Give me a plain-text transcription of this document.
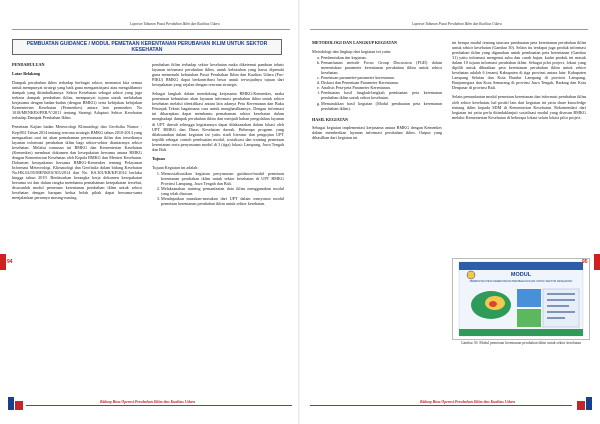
Laporan Tahunan Pusat Perubahan Iklim dan Kualitas Udara
PEMBUATAN GUIDANCE / MODUL PEMETAAN KERENTANAN PERUBAHAN IKLIM UNTUK SEKTOR KESEHATAN

PENDAHULUAN

Latar Belakang

Dampak perubahan iklim terhadap berbagai sektor, menuntut kita semua untuk mempunyai strategi yang baik guna mengantisipasi atau mengalikmnir dampak yang ditimbulkannya. Sektor Kesehatan sebagai sektor yang juga terkena dampak perubahan iklim, mempunyai tujuan untuk melakukan kerjasama dengan badan-badan (dengan BMKG) serta kebijakan kebijakan Kementerian Kesehatan (Permenkes) antara lain permenkes No 1018/MENKES/PER/V/2011 tentang Strategi Adaptasi Sektor Kesehatan terhadap Dampak Perubahan Iklim.

Pemetaan Kajian badan Meteorologi Klimatologi dan Geofisika Nomor : Kep/002 Tahun 2014 tentang rencana strategis BMKG tahun 2010-2014 yang menguatkan saat ini akan pemahaman perencanaan iklim dan tersedianya layanan informasi perubahan iklim bagi sektor-sektor diantaranya sektor kesehatan. Melalui rumusan ini BMKG dan Kementerian Kesehatan (Kemenkes) membuat dokumen dan kesepakatan bersama antara BMKG dengan Kementerian Kesehatan oleh Kepala BMKG dan Menteri Kesehatan. Dokumen kesepakatan bersama BMKG-Kemenkes tentang Pelayanan Informasi Meteorologi, Klimatologi dan Geofisika dalam bidang Kesehatan No.HK.02/05/MENKES/303/2014 dan No. KS.301/KB/KP/2014 berlaku hingga tahun 2019. Berdasarkan kerangka kerja dokumen kesepakatan bersama ini dan dalam rangka membantu pemahaman kesepakatan tersebut, disusunlah modul pemetaan kerentanan perubahan iklim untuk sektor kesehatan dengan harapan kedua belah pihak dapat bersama-sama menjalankan perannya masing-masing.

perubahan iklim terhadap sektor kesehatan maka diketemui panduan teknis layanan informasi perubahan iklim, untuk kebutuhan yang harus dipenuhi guna memenuhi kebutuhan Pusat Perubahan Iklim dan Kualitas Udara (Pus-PIKU) BMKG dapat berkontribusi besar untuk terwujudnya tujuan dari kesepakatan yang sejalan dengan rencana strategis.

Sebagai langkah dalam mendukung kerjasama BMKG-Kemenkes, maka penentuan kebutuhan akan layanan informasi perubahan iklim untuk sektor kesehatan melalui identifikasi antara lain adanya Peta Kerentanan dan Buku Petunjuk Teknis bagaimana cara untuk menghasilkannya. Dengan informasi ini diharapkan dapat membantu pemahaman sektor kesehatan dalam menghadapi dampak perubahan iklim dan menjadi bahan pengolahan layanan di UPT daerah sehingga kegiatannya dapat dilaksanakan dalam lokasi oleh UPT BMKG dan Dinas Kesehatan daerah. Beberapa program yang dilaksanakan dalam kegiatan ini yaitu studi literatur dan pengujian UPT terpilih sebagai contoh pembuatan modul, sosialisasi dan training pemetaan kerentanan serta penyusunan modul di 3 (tiga) lokasi: Lampung, Jawa Tengah dan Bali.

Tujuan

Tujuan Kegiatan ini adalah:

1. Mensosialisasikan kegiatan penyusunan guidance/modul pemetaan kerentanan perubahan iklim untuk sektor kesehatan di UPT BMKG Provinsi Lampung, Jawa Tengah dan Bali.
2. Melaksanakan training pemanfaatan data iklim menggunakan modul yang telah disusun.
3. Mendapatkan masukan-masukan dari UPT dalam menyusun modul pemetaan kerentanan perubahan iklim untuk sektor kesehatan.
94
Bidang Bina Operasi Perubahan Iklim dan Kualitas Udara
Laporan Tahunan Pusat Perubahan Iklim dan Kualitas Udara

METODOLOGI DAN LANGKUP KEGIATAN

Metodologi dan lingkup dari kegiatan ini yaitu:

a. Pembentukan tim kegiatan.
b. Pemanfaatan metode Focus Group Discussion (FGD) dalam menentukan parameter kerentanan perubahan iklim untuk sektor kesehatan.
c. Penentuan parameter-parameter kerentanan.
d. Diskusi dan Penentuan Parameter Kerentanan.
e. Analisis Peta-peta Parameter Kerentanan.
f. Pembuatan hasil langkah-langkah pembuatan peta kerentanan perubahan iklim untuk sektor kesehatan.
g. Memasukkan hasil kegiatan (Modul pembuatan peta kerentanan perubahan iklim).

HASIL KEGIATAN

Sebagai kegiatan implementasi kerjasama antara BMKG dengan Kemenkes dalam memberikan layanan informasi perubahan iklim. Output yang dihasilkan dari kegiatan ini

ini berupa modul tentang tatacara pembuatan peta kerentanan perubahan iklim untuk sektor kesehatan (Gambar 30). Selain itu terdapat juga produk informasi perubahan iklim yang digunakan untuk pembuatan peta kerentanan (Gambar 31) yaitu informasi mengenai suhu dan curah hujan, kadar produk ini masuk dalam 10 tujuan informasi perubahan iklim. Sebagai pilot project, lokasi yang dipilih untuk dibuatkan peta kerentanan perubahan iklim untuk sektor kesehatan adalah 6 (enam) Kabupaten di tiga provinsi antara lain: Kabupaten Lampung Selatan dan Kota Bandar Lampung di provinsi Lampung, Banjarnegara dan Kota Semarang di provinsi Jawa Tengah, Badung dan Kota Denpasar di provinsi Bali.

Selain pemanfaatan modul pemetaan kerentanan dan informasi perubahan iklim oleh sektor kesehatan, hal positif lain dari kegiatan ini yaitu share knowledge tentang iklim kepada SDM di Kementerian Kesehatan. Rekomendasi dari kegiatan ini yaitu perlu ditindaklanjuti sosialisasi modul yang disusun BMKG melalui Kementerian Kesehatan di beberapa lokasi selain lokasi pilot project.

MODUL
PEMBUATAN PETA KERENTANAN PERUBAHAN IKLIM UNTUK SEKTOR KESEHATAN
Gambar 30. Modul pemetaan kerentanan perubahan iklim untuk sektor kesehatan
95
Bidang Bina Operasi Perubahan Iklim dan Kualitas Udara
